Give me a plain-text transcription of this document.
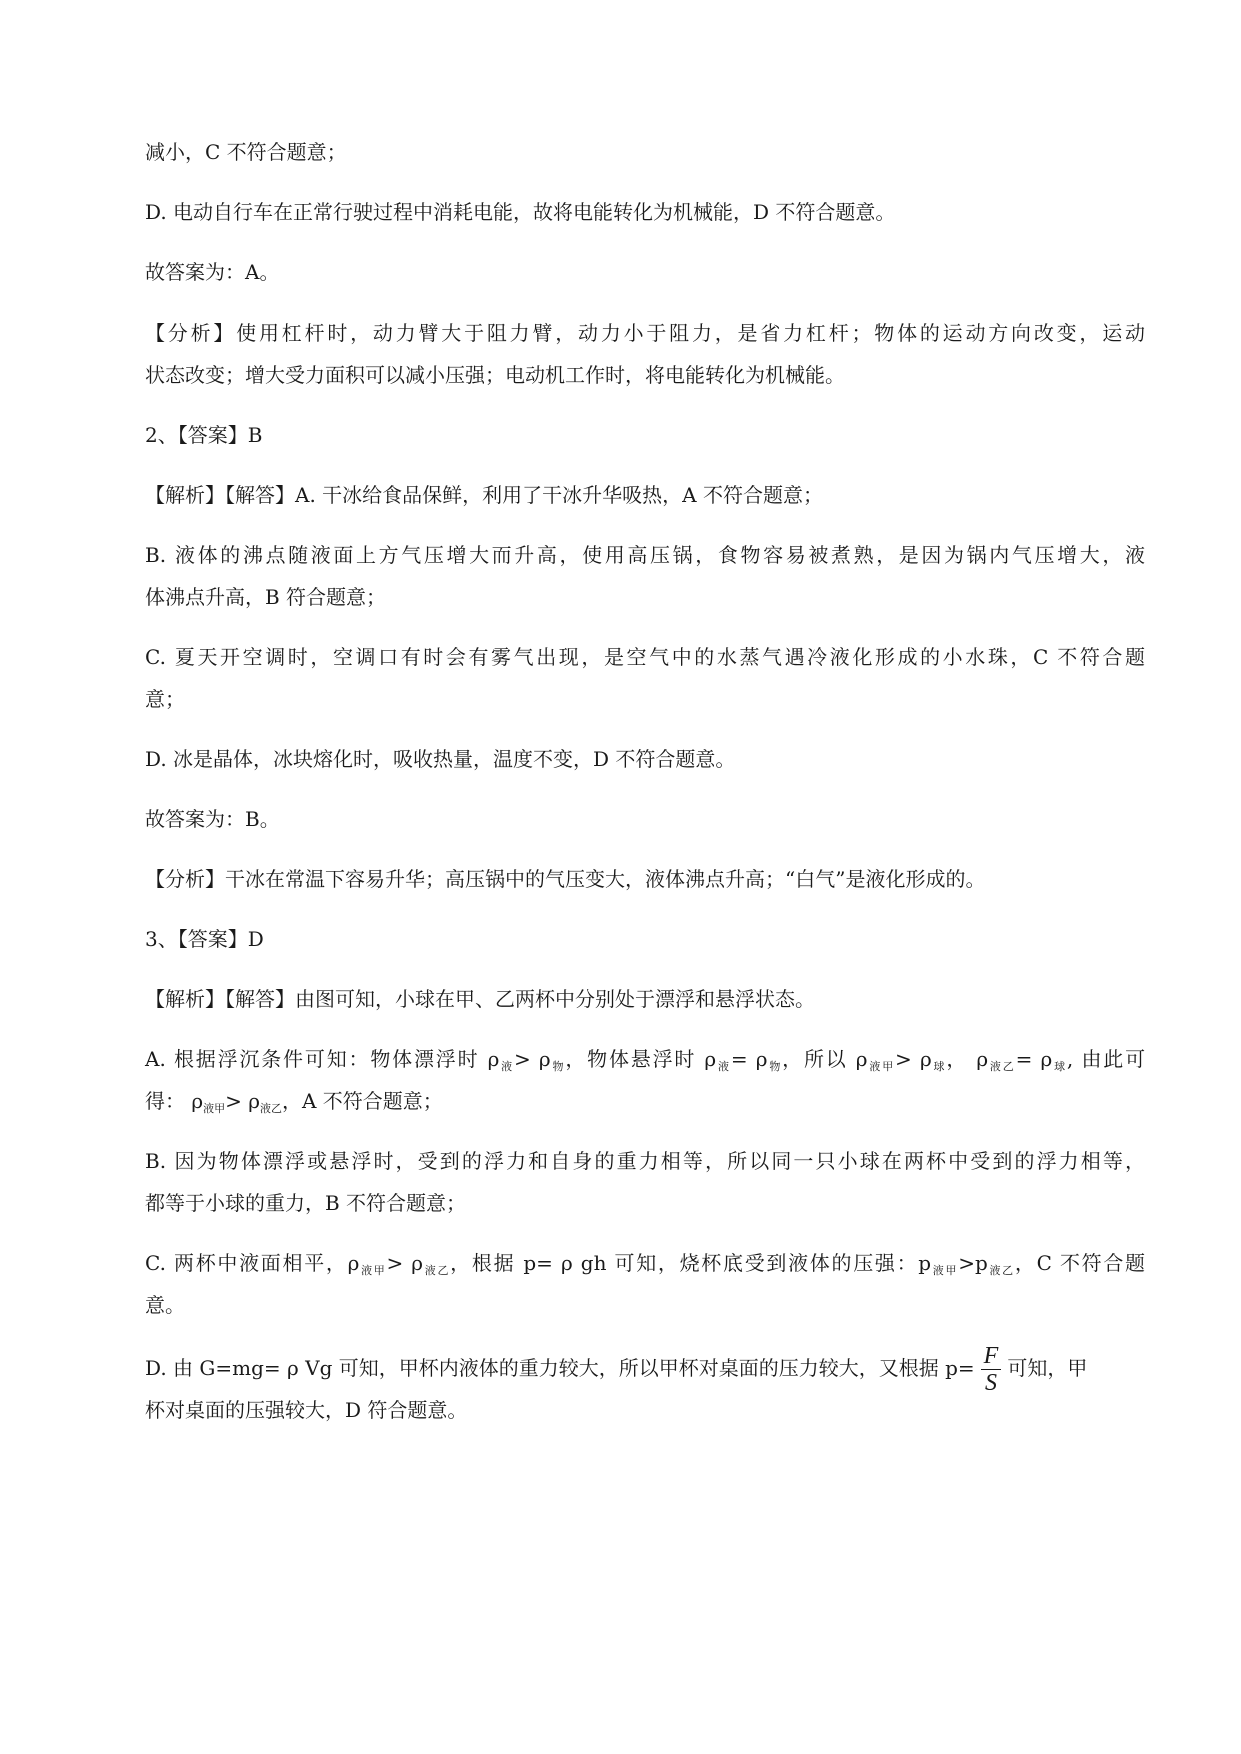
减小，C 不符合题意；
D. 电动自行车在正常行驶过程中消耗电能，故将电能转化为机械能，D 不符合题意。
故答案为：A。
【分析】使用杠杆时，动力臂大于阻力臂，动力小于阻力，是省力杠杆；物体的运动方向改变，运动
状态改变；增大受力面积可以减小压强；电动机工作时，将电能转化为机械能。
2、【答案】B
【解析】【解答】A. 干冰给食品保鲜，利用了干冰升华吸热，A 不符合题意；
B. 液体的沸点随液面上方气压增大而升高，使用高压锅，食物容易被煮熟，是因为锅内气压增大，液
体沸点升高，B 符合题意；
C. 夏天开空调时，空调口有时会有雾气出现，是空气中的水蒸气遇冷液化形成的小水珠，C 不符合题
意；
D. 冰是晶体，冰块熔化时，吸收热量，温度不变，D 不符合题意。
故答案为：B。
【分析】干冰在常温下容易升华；高压锅中的气压变大，液体沸点升高；“白气”是液化形成的。
3、【答案】D
【解析】【解答】由图可知，小球在甲、乙两杯中分别处于漂浮和悬浮状态。
A. 根据浮沉条件可知：物体漂浮时 $\rho_液> \rho_物$，物体悬浮时 $\rho_液= \rho_物$，所以 $\rho_{液甲}> \rho_球$， $\rho_{液乙}= \rho_球$, 由此可
得： $\rho_{液甲}> \rho_{液乙}$，A 不符合题意；
B. 因为物体漂浮或悬浮时，受到的浮力和自身的重力相等，所以同一只小球在两杯中受到的浮力相等，
都等于小球的重力，B 不符合题意；
C. 两杯中液面相平，$\rho_{液甲}> \rho_{液乙}$，根据 p= ρ gh 可知，烧杯底受到液体的压强：$p_{液甲}>p_{液乙}$，C 不符合题
意。
D. 由 G=mg= ρ Vg 可知，甲杯内液体的重力较大，所以甲杯对桌面的压力较大，又根据 $p= \frac{F}{S}$ 可知，甲
杯对桌面的压强较大，D 符合题意。
